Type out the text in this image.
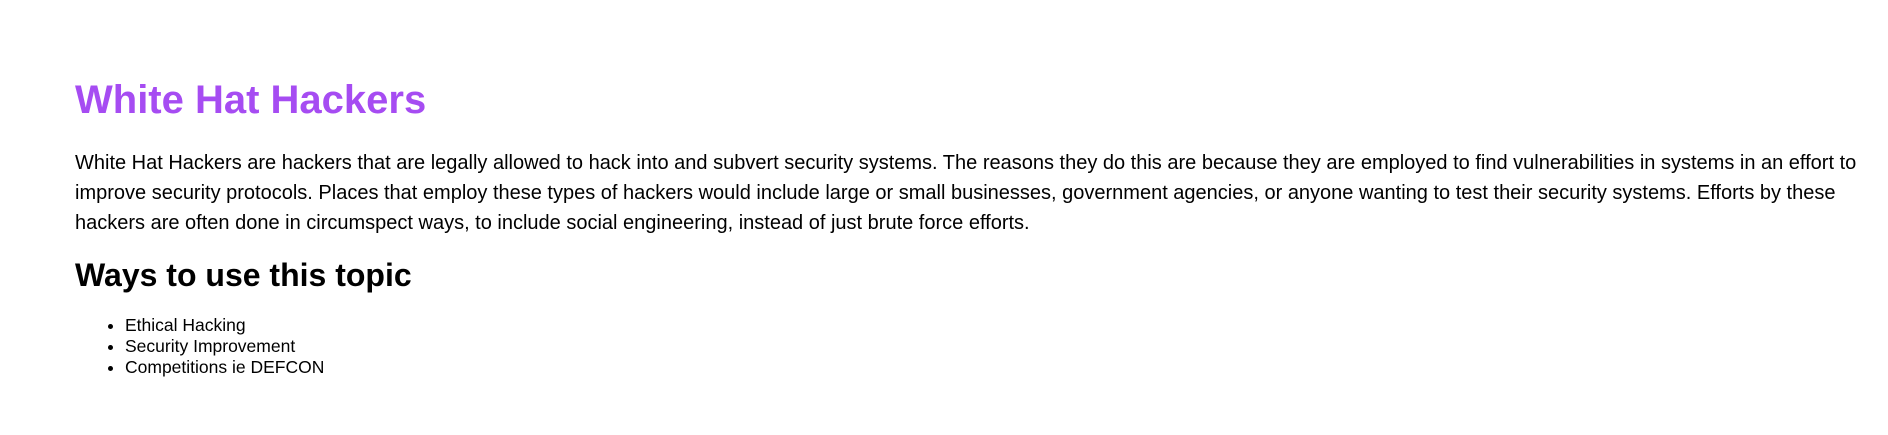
White Hat Hackers

White Hat Hackers are hackers that are legally allowed to hack into and subvert security systems. The reasons they do this are because they are employed to find vulnerabilities in systems in an effort to improve security protocols. Places that employ these types of hackers would include large or small businesses, government agencies, or anyone wanting to test their security systems. Efforts by these hackers are often done in circumspect ways, to include social engineering, instead of just brute force efforts.

Ways to use this topic
• Ethical Hacking
• Security Improvement
• Competitions ie DEFCON
